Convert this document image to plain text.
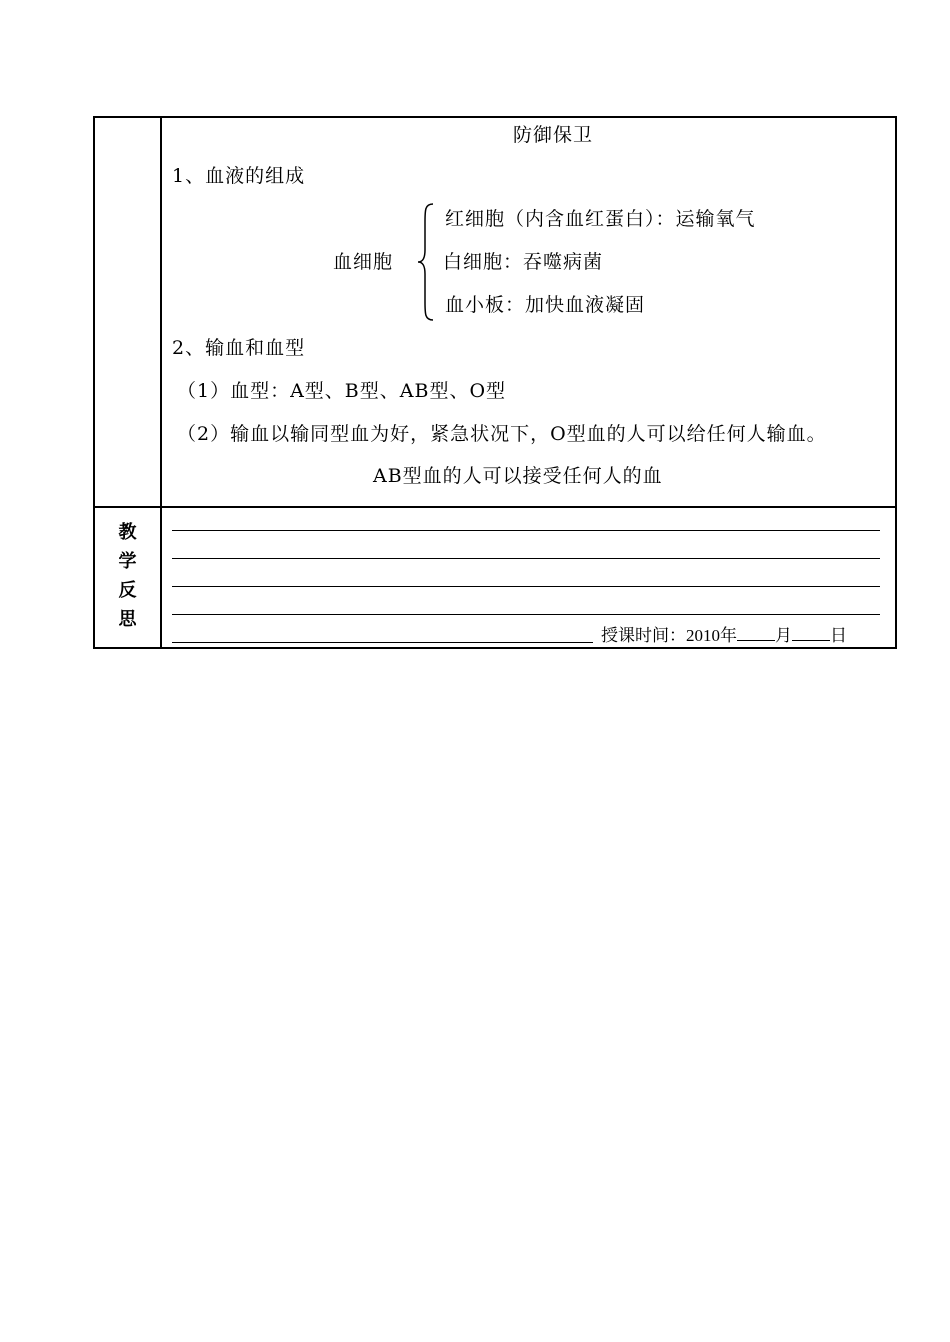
防御保卫
1、血液的组成
血细胞
红细胞（内含血红蛋白）：运输氧气
白细胞：吞噬病菌
血小板：加快血液凝固
2、输血和血型
（1）血型：A型、B型、AB型、O型
（2）输血以输同型血为好，紧急状况下，O型血的人可以给任何人输血。
AB型血的人可以接受任何人的血
教
学
反
思
授课时间：2010年 月 日
